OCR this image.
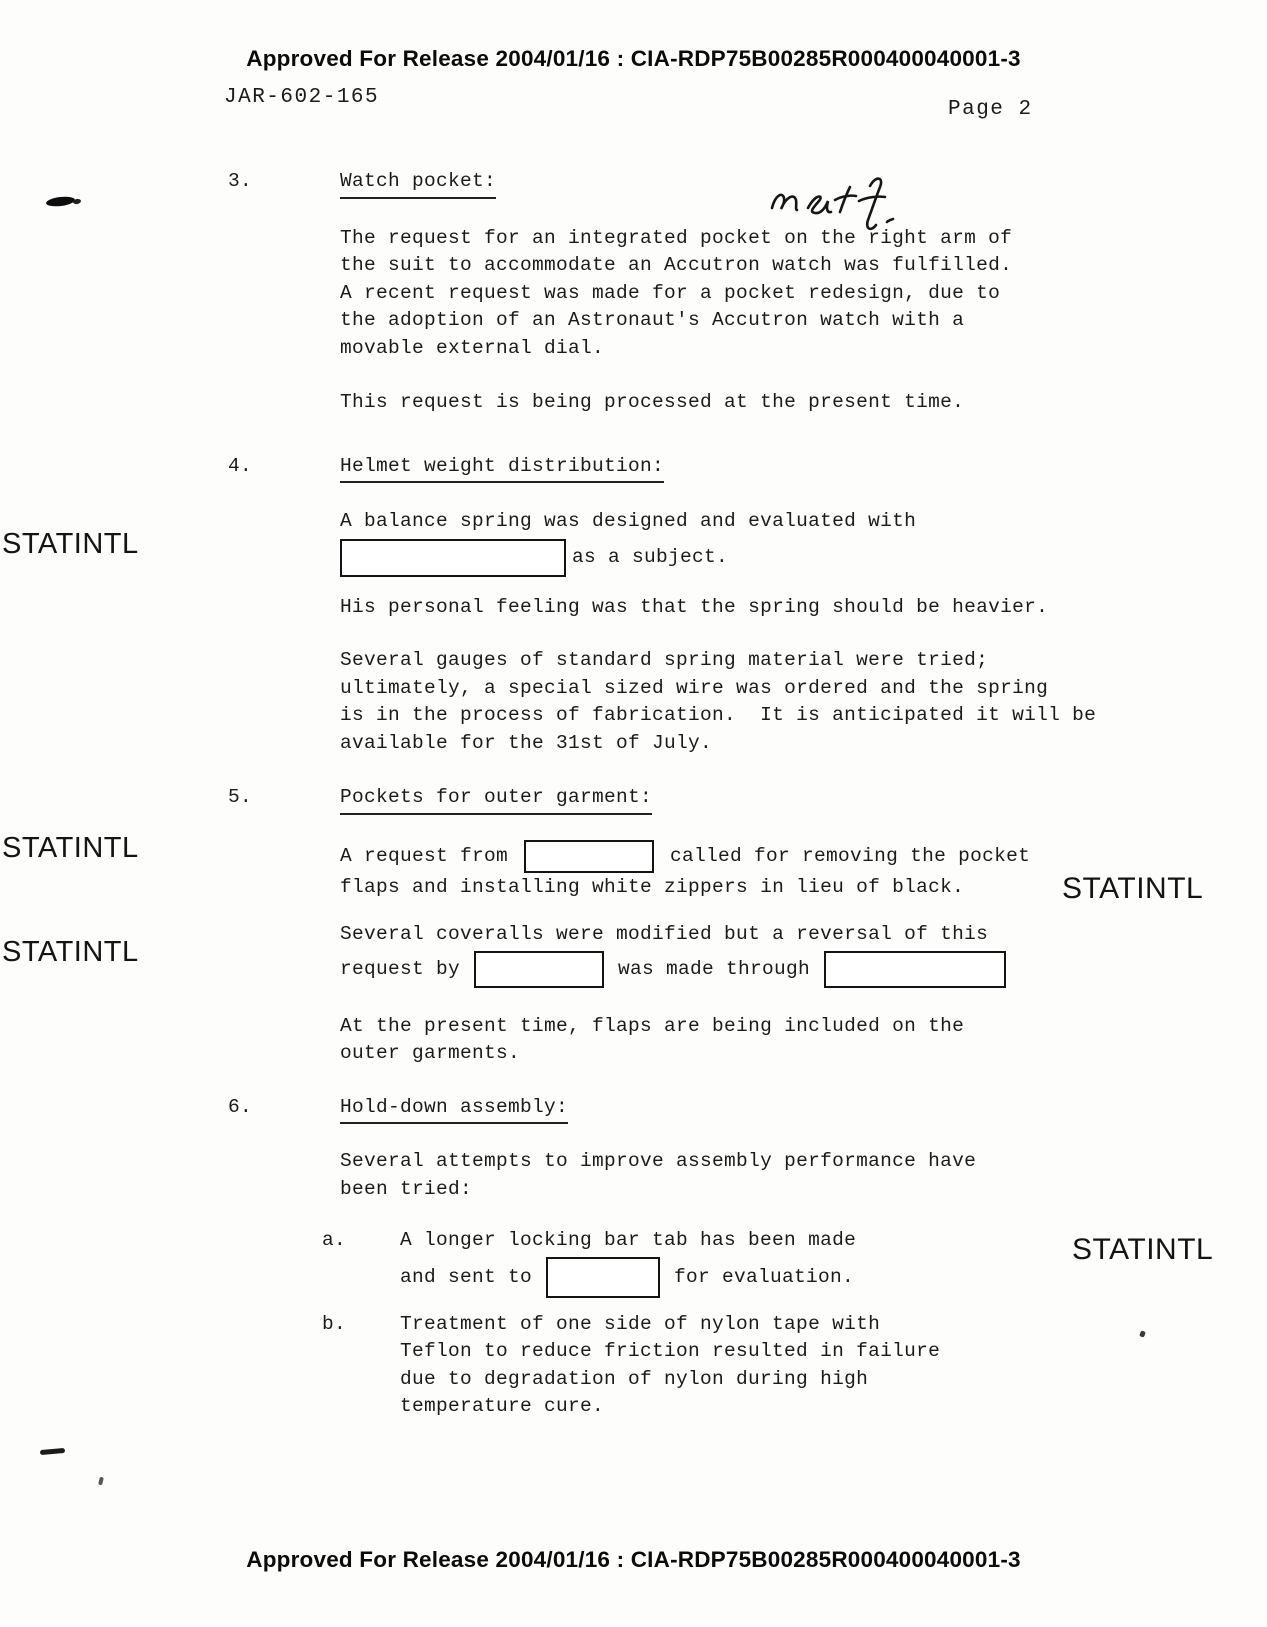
Approved For Release 2004/01/16 : CIA-RDP75B00285R000400040001-3
JAR-602-165
Page 2
STATINTL
STATINTL
STATINTL
STATINTL
STATINTL
3.	Watch pocket:
The request for an integrated pocket on the right arm of
the suit to accommodate an Accutron watch was fulfilled.
A recent request was made for a pocket redesign, due to
the adoption of an Astronaut's Accutron watch with a
movable external dial.
This request is being processed at the present time.
4.	Helmet weight distribution:
A balance spring was designed and evaluated with
as a subject.
His personal feeling was that the spring should be heavier.
Several gauges of standard spring material were tried;
ultimately, a special sized wire was ordered and the spring
is in the process of fabrication.  It is anticipated it will be
available for the 31st of July.
5.	Pockets for outer garment:
A request from	called for removing the pocket
flaps and installing white zippers in lieu of black.
Several coveralls were modified but a reversal of this
request by	was made through
At the present time, flaps are being included on the
outer garments.
6.	Hold-down assembly:
Several attempts to improve assembly performance have
been tried:
a.	A longer locking bar tab has been made
and sent to	for evaluation.
b.	Treatment of one side of nylon tape with
Teflon to reduce friction resulted in failure
due to degradation of nylon during high
temperature cure.
Approved For Release 2004/01/16 : CIA-RDP75B00285R000400040001-3
